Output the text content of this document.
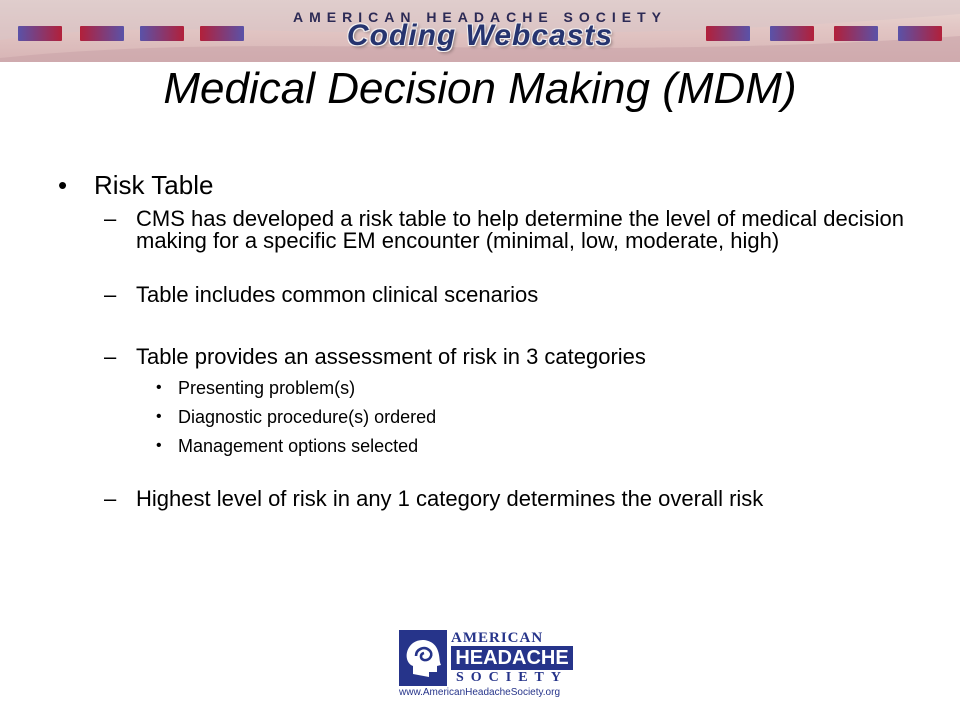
AMERICAN HEADACHE SOCIETY
Coding Webcasts
Medical Decision Making (MDM)
• Risk Table
– CMS has developed a risk table to help determine the level of medical decision making for a specific EM encounter (minimal, low, moderate, high)
– Table includes common clinical scenarios
– Table provides an assessment of risk in 3 categories
• Presenting problem(s)
• Diagnostic procedure(s) ordered
• Management options selected
– Highest level of risk in any 1 category determines the overall risk
AMERICAN
HEADACHE
SOCIETY
www.AmericanHeadacheSociety.org
